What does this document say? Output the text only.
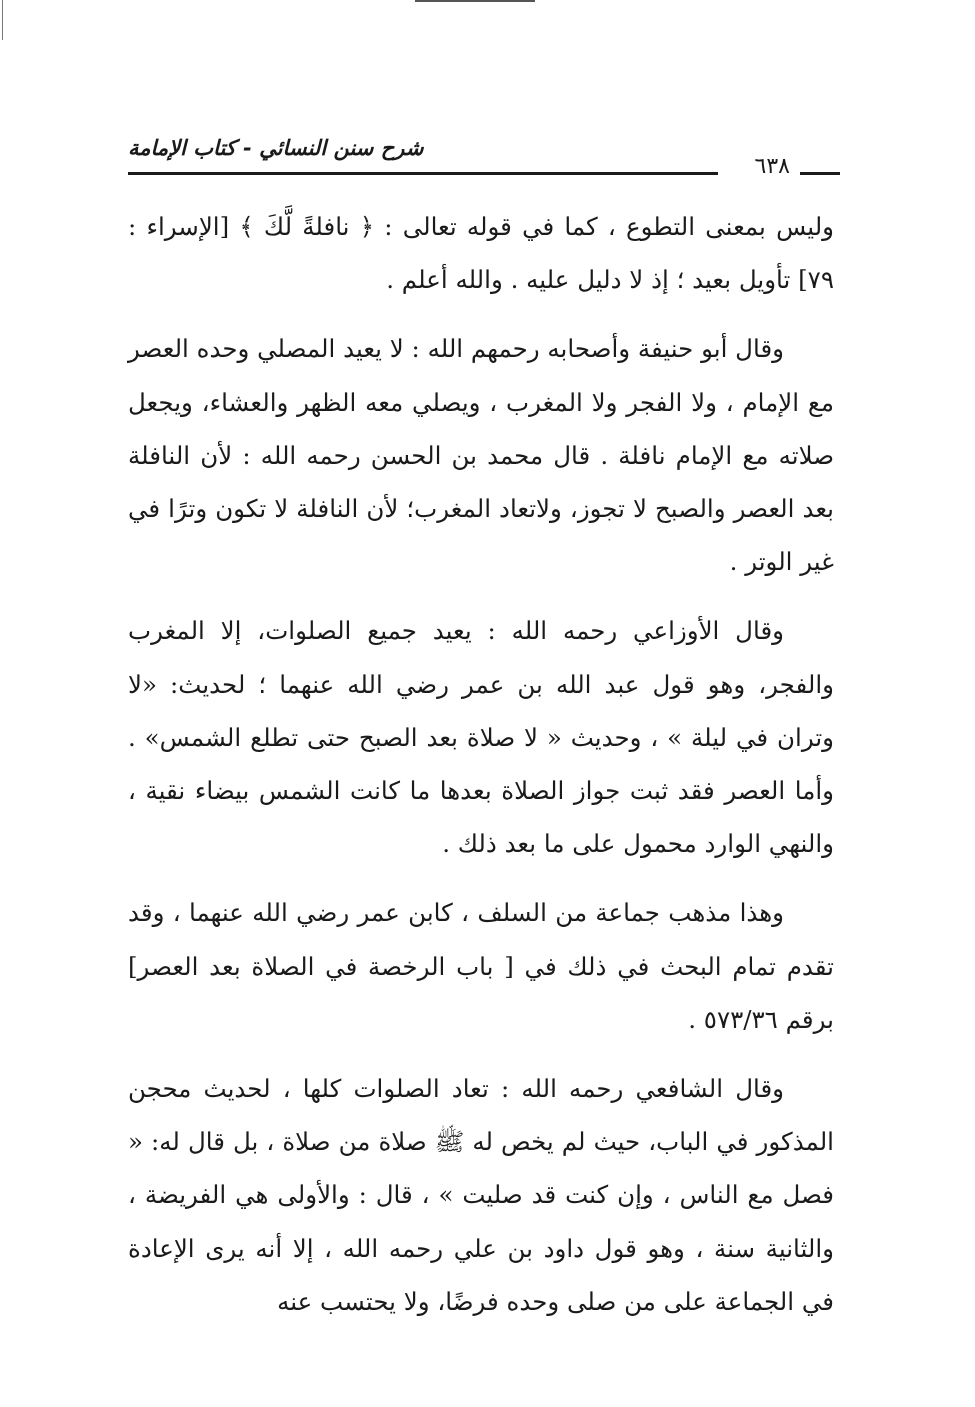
شرح سنن النسائي - كتاب الإمامة
٦٣٨

وليس بمعنى التطوع ، كما في قوله تعالى : ﴿ نافلةً لَّكَ ﴾ [الإسراء : ٧٩] تأويل بعيد ؛ إذ لا دليل عليه . والله أعلم .

وقال أبو حنيفة وأصحابه رحمهم الله : لا يعيد المصلي وحده العصر مع الإمام ، ولا الفجر ولا المغرب ، ويصلي معه الظهر والعشاء، ويجعل صلاته مع الإمام نافلة . قال محمد بن الحسن رحمه الله : لأن النافلة بعد العصر والصبح لا تجوز، ولاتعاد المغرب؛ لأن النافلة لا تكون وترًا في غير الوتر .

وقال الأوزاعي رحمه الله : يعيد جميع الصلوات، إلا المغرب والفجر، وهو قول عبد الله بن عمر رضي الله عنهما ؛ لحديث: «لا وتران في ليلة » ، وحديث « لا صلاة بعد الصبح حتى تطلع الشمس» . وأما العصر فقد ثبت جواز الصلاة بعدها ما كانت الشمس بيضاء نقية ، والنهي الوارد محمول على ما بعد ذلك .

وهذا مذهب جماعة من السلف ، كابن عمر رضي الله عنهما ، وقد تقدم تمام البحث في ذلك في [ باب الرخصة في الصلاة بعد العصر] برقم ٥٧٣/٣٦ .

وقال الشافعي رحمه الله : تعاد الصلوات كلها ، لحديث محجن المذكور في الباب، حيث لم يخص له ﷺ صلاة من صلاة ، بل قال له: « فصل مع الناس ، وإن كنت قد صليت » ، قال : والأولى هي الفريضة ، والثانية سنة ، وهو قول داود بن علي رحمه الله ، إلا أنه يرى الإعادة في الجماعة على من صلى وحده فرضًا، ولا يحتسب عنه
